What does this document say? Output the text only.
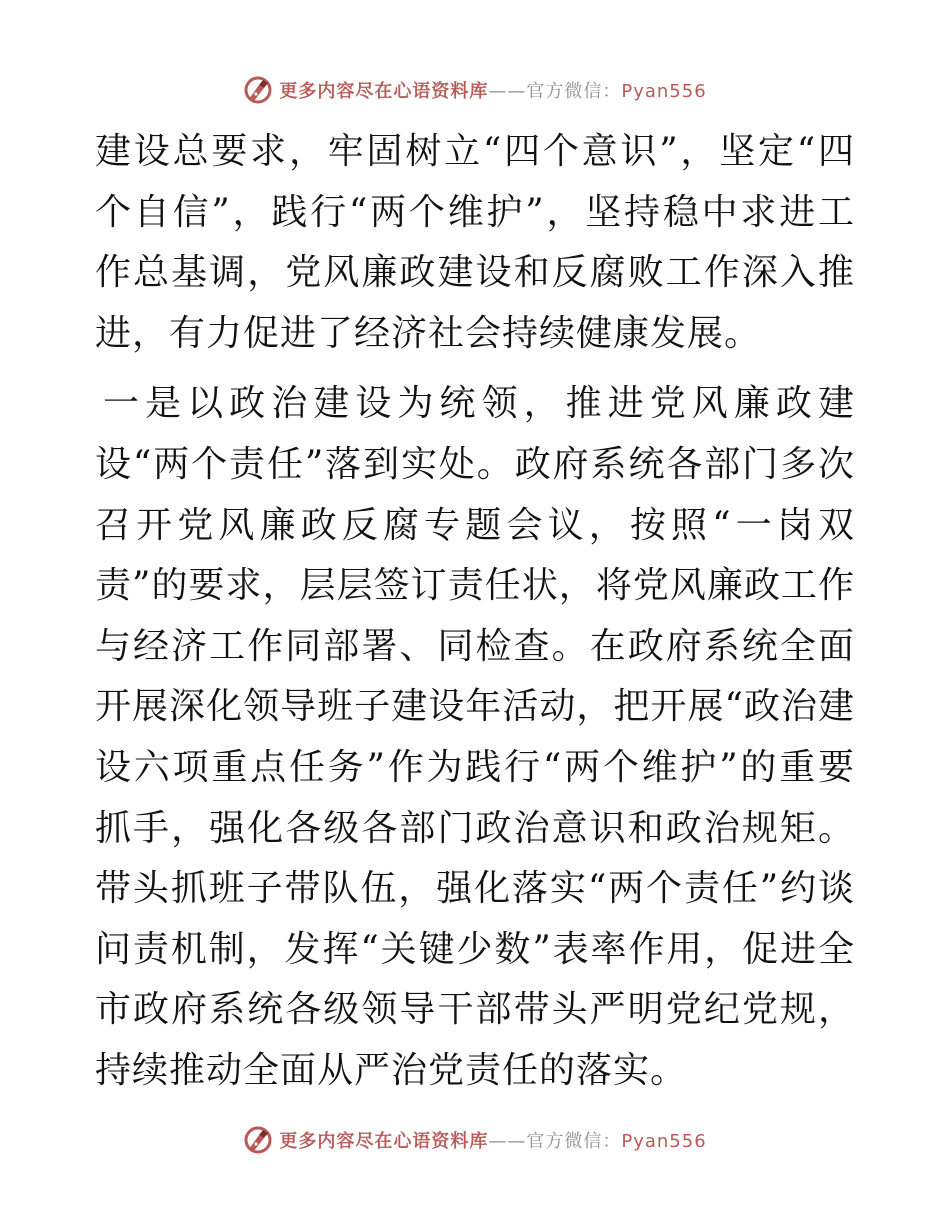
更多内容尽在心语资料库——官方微信：Pyan556

建设总要求，牢固树立“四个意识”，坚定“四个自信”，践行“两个维护”，坚持稳中求进工作总基调，党风廉政建设和反腐败工作深入推进，有力促进了经济社会持续健康发展。

一是以政治建设为统领，推进党风廉政建设“两个责任”落到实处。政府系统各部门多次召开党风廉政反腐专题会议，按照“一岗双责”的要求，层层签订责任状，将党风廉政工作与经济工作同部署、同检查。在政府系统全面开展深化领导班子建设年活动，把开展“政治建设六项重点任务”作为践行“两个维护”的重要抓手，强化各级各部门政治意识和政治规矩。带头抓班子带队伍，强化落实“两个责任”约谈问责机制，发挥“关键少数”表率作用，促进全市政府系统各级领导干部带头严明党纪党规，持续推动全面从严治党责任的落实。

更多内容尽在心语资料库——官方微信：Pyan556
